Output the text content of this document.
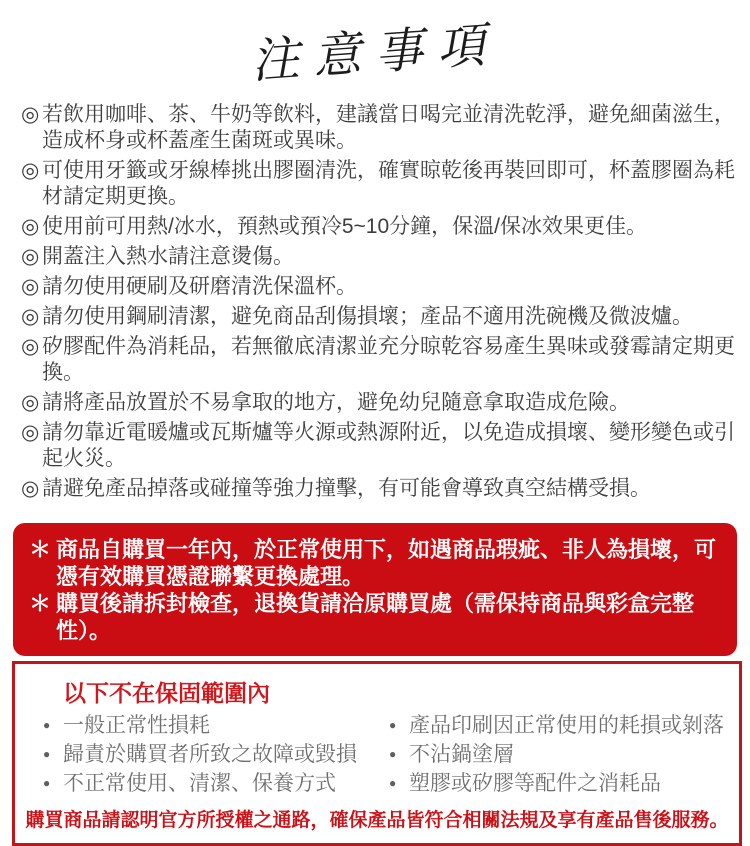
注意事項
◎ 若飲用咖啡、茶、牛奶等飲料，建議當日喝完並清洗乾淨，避免細菌滋生，造成杯身或杯蓋產生菌斑或異味。
◎ 可使用牙籤或牙線棒挑出膠圈清洗，確實晾乾後再裝回即可，杯蓋膠圈為耗材請定期更換。
◎ 使用前可用熱/冰水，預熱或預冷5~10分鐘，保溫/保冰效果更佳。
◎ 開蓋注入熱水請注意燙傷。
◎ 請勿使用硬刷及研磨清洗保溫杯。
◎ 請勿使用鋼刷清潔，避免商品刮傷損壞；產品不適用洗碗機及微波爐。
◎ 矽膠配件為消耗品，若無徹底清潔並充分晾乾容易產生異味或發霉請定期更換。
◎ 請將產品放置於不易拿取的地方，避免幼兒隨意拿取造成危險。
◎ 請勿靠近電暖爐或瓦斯爐等火源或熱源附近，以免造成損壞、變形變色或引起火災。
◎ 請避免產品掉落或碰撞等強力撞擊，有可能會導致真空結構受損。
＊ 商品自購買一年內，於正常使用下，如遇商品瑕疵、非人為損壞，可憑有效購買憑證聯繫更換處理。
＊ 購買後請拆封檢查，退換貨請洽原購買處（需保持商品與彩盒完整性）。
以下不在保固範圍內
● 一般正常性損耗
● 歸責於購買者所致之故障或毀損
● 不正常使用、清潔、保養方式
● 產品印刷因正常使用的耗損或剝落
● 不沾鍋塗層
● 塑膠或矽膠等配件之消耗品
購買商品請認明官方所授權之通路，確保產品皆符合相關法規及享有產品售後服務。
